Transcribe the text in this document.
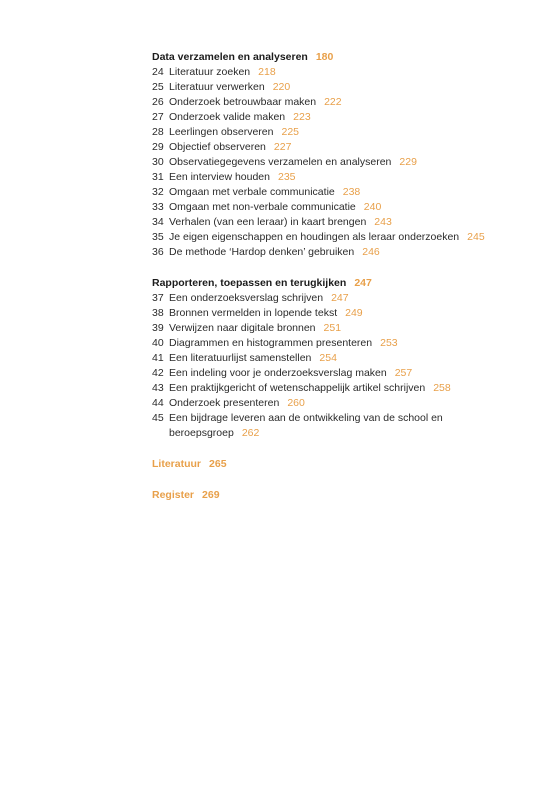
Data verzamelen en analyseren 180
24 Literatuur zoeken 218
25 Literatuur verwerken 220
26 Onderzoek betrouwbaar maken 222
27 Onderzoek valide maken 223
28 Leerlingen observeren 225
29 Objectief observeren 227
30 Observatiegegevens verzamelen en analyseren 229
31 Een interview houden 235
32 Omgaan met verbale communicatie 238
33 Omgaan met non-verbale communicatie 240
34 Verhalen (van een leraar) in kaart brengen 243
35 Je eigen eigenschappen en houdingen als leraar onderzoeken 245
36 De methode ‘Hardop denken’ gebruiken 246
Rapporteren, toepassen en terugkijken 247
37 Een onderzoeksverslag schrijven 247
38 Bronnen vermelden in lopende tekst 249
39 Verwijzen naar digitale bronnen 251
40 Diagrammen en histogrammen presenteren 253
41 Een literatuurlijst samenstellen 254
42 Een indeling voor je onderzoeksverslag maken 257
43 Een praktijkgericht of wetenschappelijk artikel schrijven 258
44 Onderzoek presenteren 260
45 Een bijdrage leveren aan de ontwikkeling van de school en
beroepsgroep 262
Literatuur 265
Register 269
